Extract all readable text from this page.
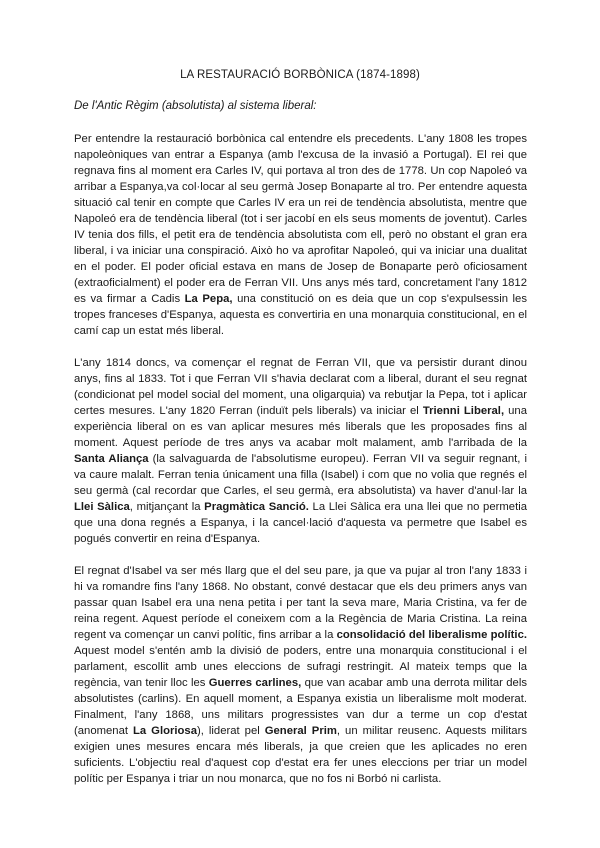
LA RESTAURACIÓ BORBÒNICA (1874-1898)
De l'Antic Règim (absolutista) al sistema liberal:

Per entendre la restauració borbònica cal entendre els precedents. L'any 1808 les tropes napoleòniques van entrar a Espanya (amb l'excusa de la invasió a Portugal). El rei que regnava fins al moment era Carles IV, qui portava al tron des de 1778. Un cop Napoleó va arribar a Espanya,va col·locar al seu germà Josep Bonaparte al tro. Per entendre aquesta situació cal tenir en compte que Carles IV era un rei de tendència absolutista, mentre que Napoleó era de tendència liberal (tot i ser jacobí en els seus moments de joventut). Carles IV tenia dos fills, el petit era de tendència absolutista com ell, però no obstant el gran era liberal, i va iniciar una conspiració. Això ho va aprofitar Napoleó, qui va iniciar una dualitat en el poder. El poder oficial estava en mans de Josep de Bonaparte però oficiosament (extraoficialment) el poder era de Ferran VII. Uns anys més tard, concretament l'any 1812 es va firmar a Cadis La Pepa, una constitució on es deia que un cop s'expulsessin les tropes franceses d'Espanya, aquesta es convertiria en una monarquia constitucional, en el camí cap un estat més liberal.

L'any 1814 doncs, va començar el regnat de Ferran VII, que va persistir durant dinou anys, fins al 1833. Tot i que Ferran VII s'havia declarat com a liberal, durant el seu regnat (condicionat pel model social del moment, una oligarquia) va rebutjar la Pepa, tot i aplicar certes mesures. L'any 1820 Ferran (induït pels liberals) va iniciar el Trienni Liberal, una experiència liberal on es van aplicar mesures més liberals que les proposades fins al moment. Aquest període de tres anys va acabar molt malament, amb l'arribada de la Santa Aliança (la salvaguarda de l'absolutisme europeu). Ferran VII va seguir regnant, i va caure malalt. Ferran tenia únicament una filla (Isabel) i com que no volia que regnés el seu germà (cal recordar que Carles, el seu germà, era absolutista) va haver d'anul·lar la Llei Sàlica, mitjançant la Pragmàtica Sanció. La Llei Sàlica era una llei que no permetia que una dona regnés a Espanya, i la cancel·lació d'aquesta va permetre que Isabel es pogués convertir en reina d'Espanya.

El regnat d'Isabel va ser més llarg que el del seu pare, ja que va pujar al tron l'any 1833 i hi va romandre fins l'any 1868. No obstant, convé destacar que els deu primers anys van passar quan Isabel era una nena petita i per tant la seva mare, Maria Cristina, va fer de reina regent. Aquest període el coneixem com a la Regència de Maria Cristina. La reina regent va començar un canvi polític, fins arribar a la consolidació del liberalisme polític. Aquest model s'entén amb la divisió de poders, entre una monarquia constitucional i el parlament, escollit amb unes eleccions de sufragi restringit. Al mateix temps que la regència, van tenir lloc les Guerres carlines, que van acabar amb una derrota militar dels absolutistes (carlins). En aquell moment, a Espanya existia un liberalisme molt moderat. Finalment, l'any 1868, uns militars progressistes van dur a terme un cop d'estat (anomenat La Gloriosa), liderat pel General Prim, un militar reusenc. Aquests militars exigien unes mesures encara més liberals, ja que creien que les aplicades no eren suficients. L'objectiu real d'aquest cop d'estat era fer unes eleccions per triar un model polític per Espanya i triar un nou monarca, que no fos ni Borbó ni carlista.
